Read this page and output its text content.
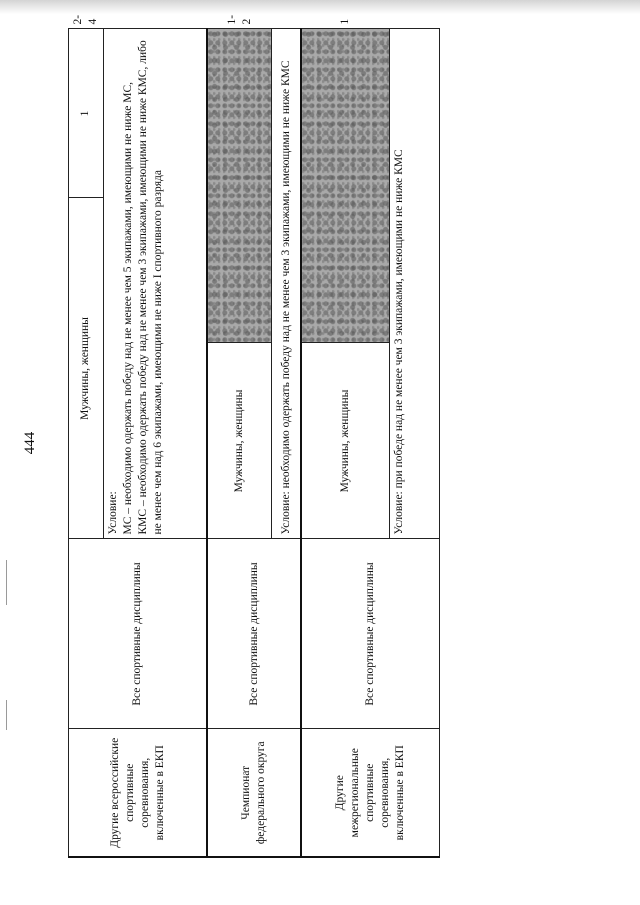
444
Другие всероссийские спортивные соревнования, включенные в ЕКП	Все спортивные дисциплины	Мужчины, женщины		1	2-4

		Условие: МС – необходимо одержать победу над не менее чем 5 экипажами, имеющими не ниже МС, КМС – необходимо одержать победу над не менее чем 3 экипажами, имеющими не ниже КМС, либо не менее чем над 6 экипажами, имеющими не ниже I спортивного разряда			

Чемпионат федерального округа	Все спортивные дисциплины	Мужчины, женщины			1-2
		Условие: необходимо одержать победу над не менее чем 3 экипажами, имеющими не ниже КМС			
Другие межрегиональные спортивные соревнования, включенные в ЕКП	Все спортивные дисциплины	Мужчины, женщины			1
		Условие: при победе над не менее чем 3 экипажами, имеющими не ниже КМС			
